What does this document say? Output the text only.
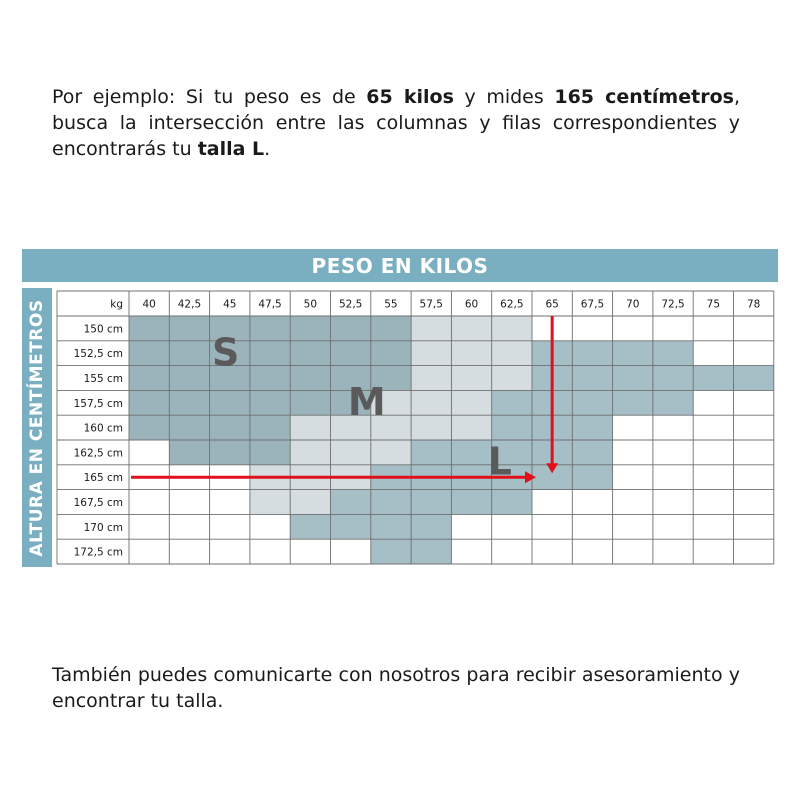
Por ejemplo: Si tu peso es de 65 kilos y mides 165 centímetros, busca la intersección entre las columnas y filas correspondientes y encontrarás tu talla L.

PESO EN KILOS
ALTURA EN CENTÍMETROS	kg 40 42,5 45 47,5 50 52,5 55 57,5 60 62,5 65 67,5 70 72,5 75	78
150 cm
152,5 cm
155 cm
157,5 cm
160 cm
162,5 cm
165 cm
167,5 cm
170 cm
172,5 cm
S
M
L

También puedes comunicarte con nosotros para recibir asesoramiento y encontrar tu talla.
